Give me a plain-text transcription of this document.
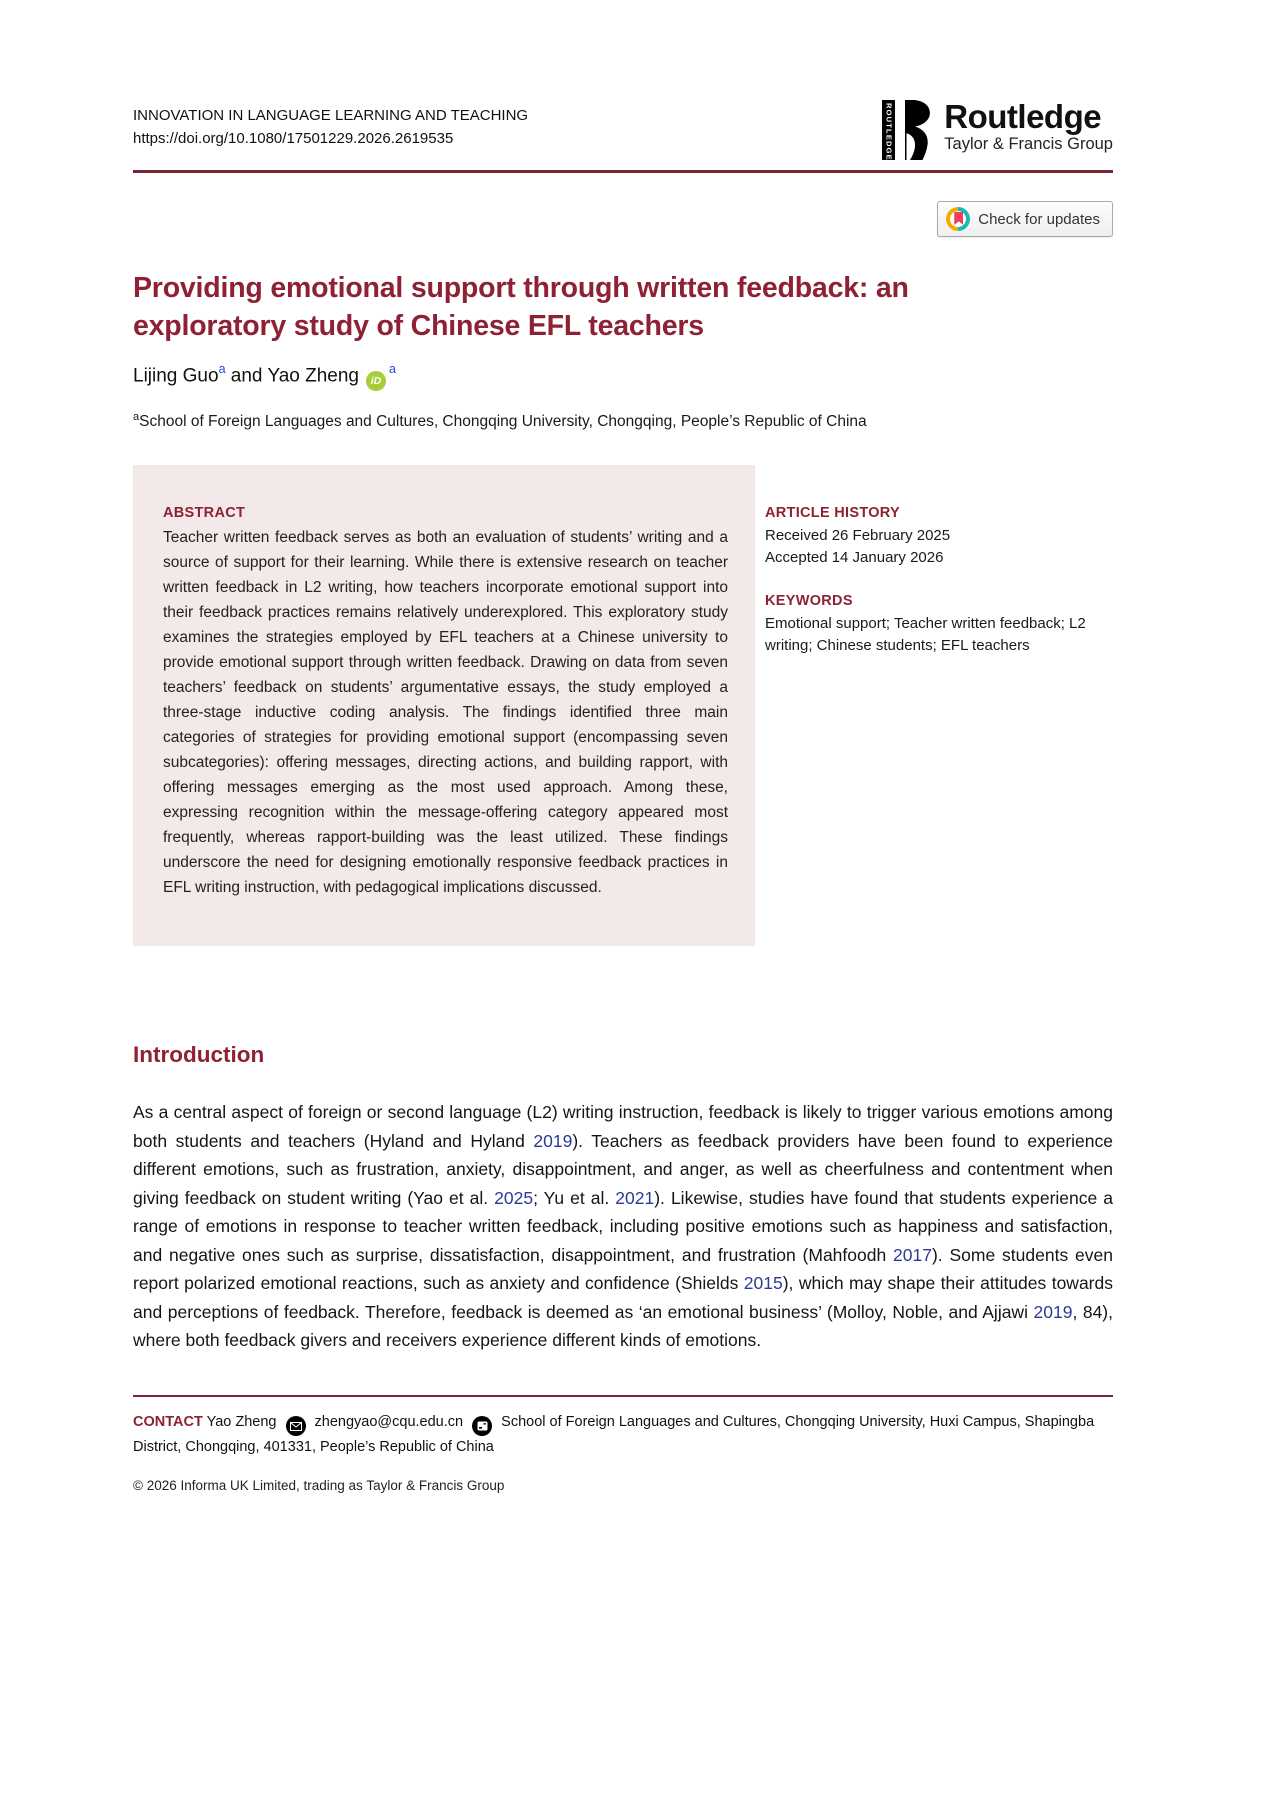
INNOVATION IN LANGUAGE LEARNING AND TEACHING
https://doi.org/10.1080/17501229.2026.2619535	ROUTLEDGE Routledge
Taylor & Francis Group
Check for updates
Providing emotional support through written feedback: an exploratory study of Chinese EFL teachers
Lijing Guo$^a$ and Yao Zheng $iD^a$
$^a$School of Foreign Languages and Cultures, Chongqing University, Chongqing, People’s Republic of China
ABSTRACT
Teacher written feedback serves as both an evaluation of students’ writing and a source of support for their learning. While there is extensive research on teacher written feedback in L2 writing, how teachers incorporate emotional support into their feedback practices remains relatively underexplored. This exploratory study examines the strategies employed by EFL teachers at a Chinese university to provide emotional support through written feedback. Drawing on data from seven teachers’ feedback on students’ argumentative essays, the study employed a three-stage inductive coding analysis. The findings identified three main categories of strategies for providing emotional support (encompassing seven subcategories): offering messages, directing actions, and building rapport, with offering messages emerging as the most used approach. Among these, expressing recognition within the message-offering category appeared most frequently, whereas rapport-building was the least utilized. These findings underscore the need for designing emotionally responsive feedback practices in EFL writing instruction, with pedagogical implications discussed.
ARTICLE HISTORY
Received 26 February 2025
Accepted 14 January 2026
KEYWORDS
Emotional support; Teacher written feedback; L2 writing; Chinese students; EFL teachers
Introduction

As a central aspect of foreign or second language (L2) writing instruction, feedback is likely to trigger various emotions among both students and teachers (Hyland and Hyland 2019). Teachers as feedback providers have been found to experience different emotions, such as frustration, anxiety, disappointment, and anger, as well as cheerfulness and contentment when giving feedback on student writing (Yao et al. 2025; Yu et al. 2021). Likewise, studies have found that students experience a range of emotions in response to teacher written feedback, including positive emotions such as happiness and satisfaction, and negative ones such as surprise, dissatisfaction, disappointment, and frustration (Mahfoodh 2017). Some students even report polarized emotional reactions, such as anxiety and confidence (Shields 2015), which may shape their attitudes towards and perceptions of feedback. Therefore, feedback is deemed as ‘an emotional business’ (Molloy, Noble, and Ajjawi 2019, 84), where both feedback givers and receivers experience different kinds of emotions.

CONTACT Yao Zheng	zhengyao@cqu.edu.cn	School of Foreign Languages and Cultures, Chongqing University, Huxi Campus, Shapingba District, Chongqing, 401331, People’s Republic of China

© 2026 Informa UK Limited, trading as Taylor & Francis Group
